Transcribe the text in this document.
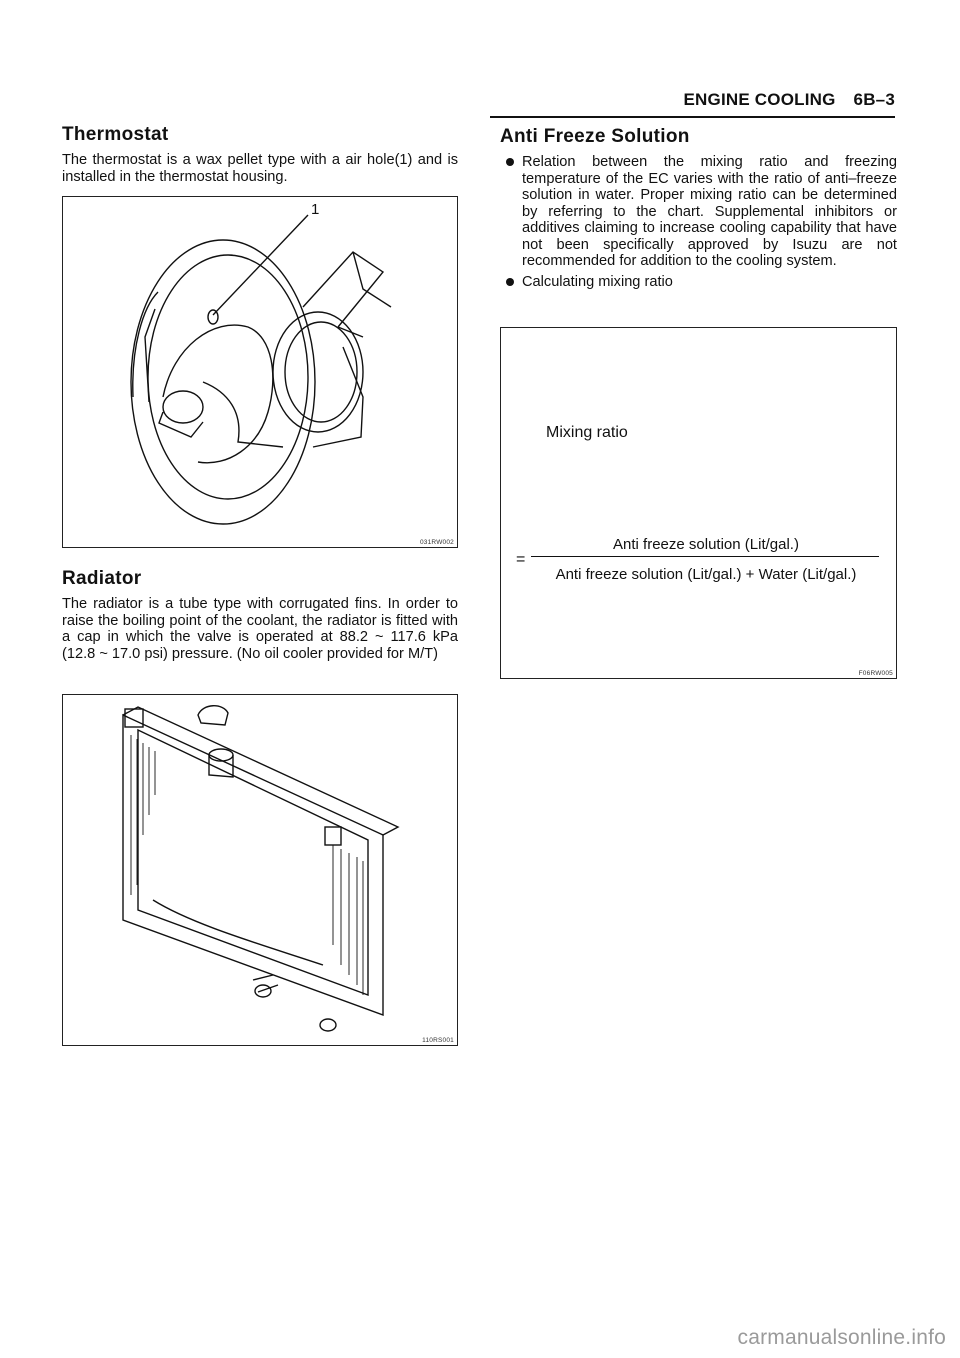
ENGINE COOLING 6B–3
Thermostat

The thermostat is a wax pellet type with a air hole(1) and is installed in the thermostat housing.

1
031RW002
Radiator

The radiator is a tube type with corrugated fins. In order to raise the boiling point of the coolant, the radiator is fitted with a cap in which the valve is operated at 88.2 ~ 117.6 kPa (12.8 ~ 17.0 psi) pressure. (No oil cooler provided for M/T)

110RS001
Anti Freeze Solution
Relation between the mixing ratio and freezing temperature of the EC varies with the ratio of anti–freeze solution in water. Proper mixing ratio can be determined by referring to the chart. Supplemental inhibitors or additives claiming to increase cooling capability that have not been specifically approved by Isuzu are not recommended for addition to the cooling system.
Calculating mixing ratio
Mixing ratio
=
Anti freeze solution (Lit/gal.)
Anti freeze solution (Lit/gal.) + Water (Lit/gal.)
F06RW005
carmanualsonline.info
